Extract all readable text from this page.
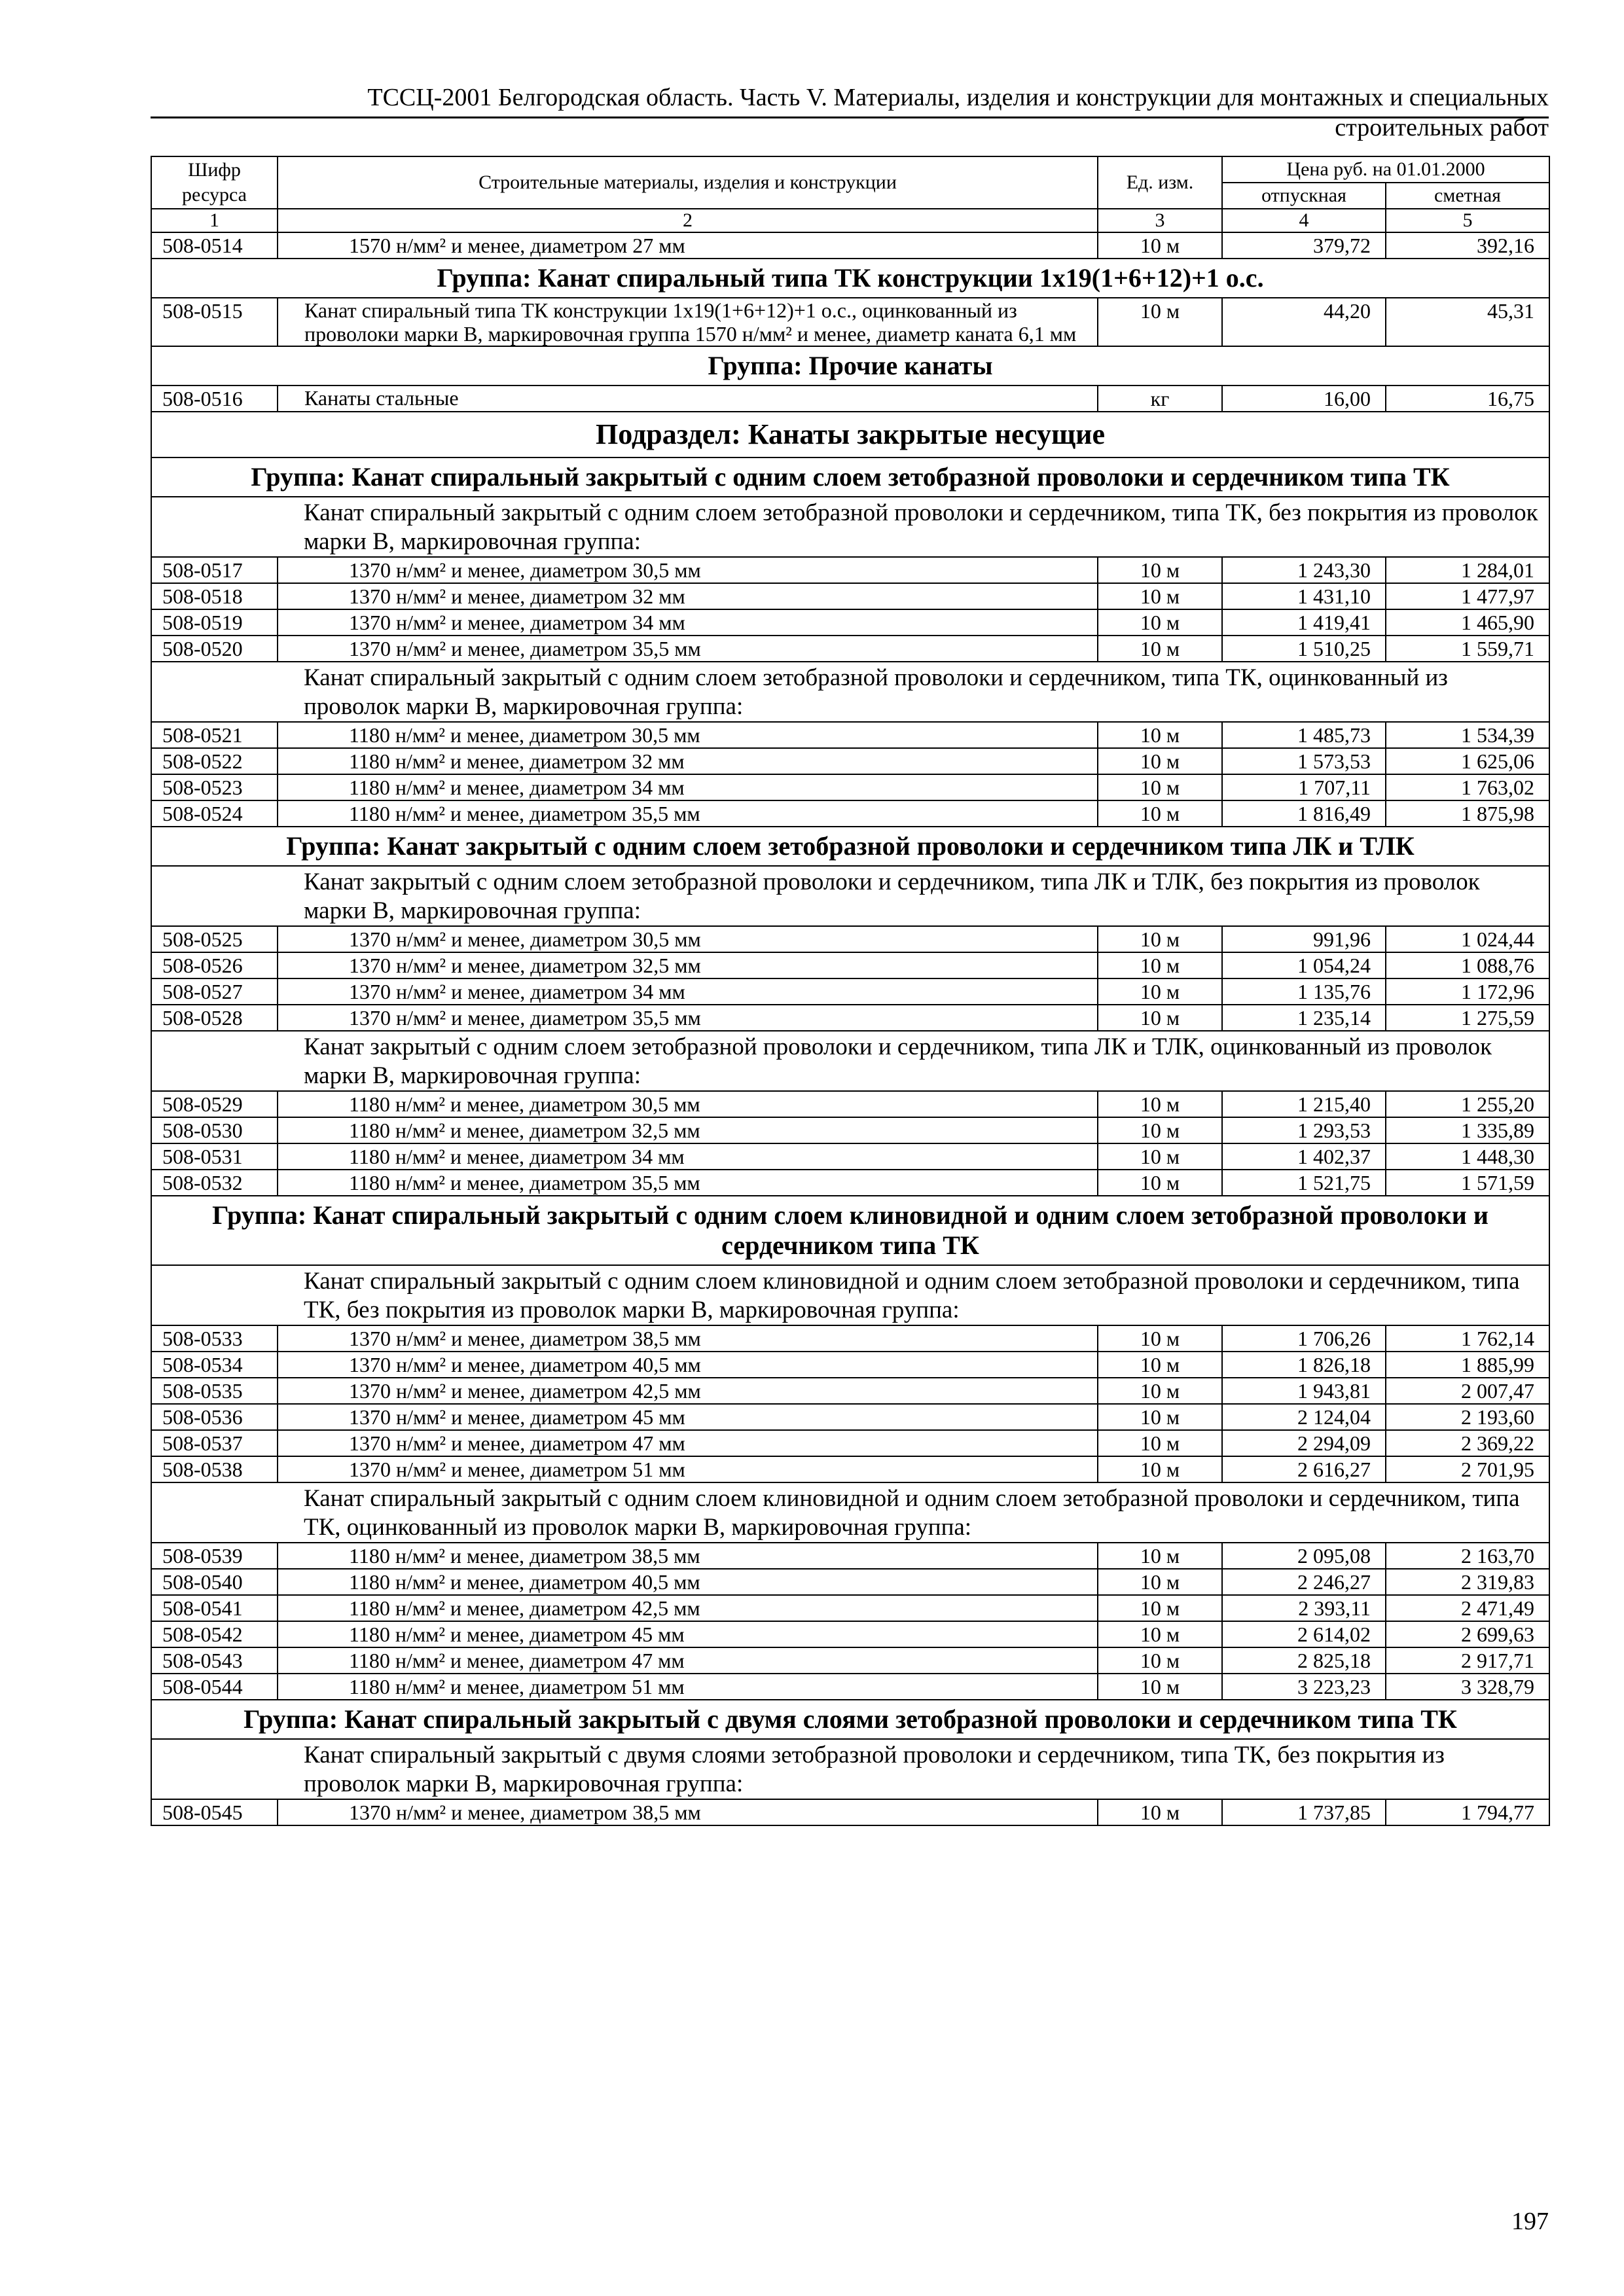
ТССЦ-2001 Белгородская область. Часть V. Материалы, изделия и конструкции для монтажных и специальных
строительных работ
Шифр ресурса	Строительные материалы, изделия и конструкции	Ед. изм.	Цена руб. на 01.01.2000	
			отпускная	сметная
1	2	3	4	5
508-0514	1570 н/мм² и менее, диаметром 27 мм	10 м	379,72	392,16
Группа: Канат спиральный типа ТК конструкции 1х19(1+6+12)+1 о.с.				
508-0515	Канат спиральный типа ТК конструкции 1х19(1+6+12)+1 о.с., оцинкованный из проволоки марки В, маркировочная группа 1570 н/мм² и менее, диаметр каната 6,1 мм	10 м	44,20	45,31
Группа: Прочие канаты				
508-0516	Канаты стальные	кг	16,00	16,75
Подраздел: Канаты закрытые несущие				
Группа: Канат спиральный закрытый с одним слоем зетобразной проволоки и сердечником типа ТК				
Канат спиральный закрытый с одним слоем зетобразной проволоки и сердечником, типа ТК, без покрытия из проволок марки В, маркировочная группа:				
508-0517	1370 н/мм² и менее, диаметром 30,5 мм	10 м	1 243,30	1 284,01
508-0518	1370 н/мм² и менее, диаметром 32 мм	10 м	1 431,10	1 477,97
508-0519	1370 н/мм² и менее, диаметром 34 мм	10 м	1 419,41	1 465,90
508-0520	1370 н/мм² и менее, диаметром 35,5 мм	10 м	1 510,25	1 559,71
Канат спиральный закрытый с одним слоем зетобразной проволоки и сердечником, типа ТК, оцинкованный из проволок марки В, маркировочная группа:				
508-0521	1180 н/мм² и менее, диаметром 30,5 мм	10 м	1 485,73	1 534,39
508-0522	1180 н/мм² и менее, диаметром 32 мм	10 м	1 573,53	1 625,06
508-0523	1180 н/мм² и менее, диаметром 34 мм	10 м	1 707,11	1 763,02
508-0524	1180 н/мм² и менее, диаметром 35,5 мм	10 м	1 816,49	1 875,98
Группа: Канат закрытый с одним слоем зетобразной проволоки и сердечником типа ЛК и ТЛК				
Канат закрытый с одним слоем зетобразной проволоки и сердечником, типа ЛК и ТЛК, без покрытия из проволок марки В, маркировочная группа:				
508-0525	1370 н/мм² и менее, диаметром 30,5 мм	10 м	991,96	1 024,44
508-0526	1370 н/мм² и менее, диаметром 32,5 мм	10 м	1 054,24	1 088,76
508-0527	1370 н/мм² и менее, диаметром 34 мм	10 м	1 135,76	1 172,96
508-0528	1370 н/мм² и менее, диаметром 35,5 мм	10 м	1 235,14	1 275,59
Канат закрытый с одним слоем зетобразной проволоки и сердечником, типа ЛК и ТЛК, оцинкованный из проволок марки В, маркировочная группа:				
508-0529	1180 н/мм² и менее, диаметром 30,5 мм	10 м	1 215,40	1 255,20
508-0530	1180 н/мм² и менее, диаметром 32,5 мм	10 м	1 293,53	1 335,89
508-0531	1180 н/мм² и менее, диаметром 34 мм	10 м	1 402,37	1 448,30
508-0532	1180 н/мм² и менее, диаметром 35,5 мм	10 м	1 521,75	1 571,59
Группа: Канат спиральный закрытый с одним слоем клиновидной и одним слоем зетобразной проволоки и сердечником типа ТК				
Канат спиральный закрытый с одним слоем клиновидной и одним слоем зетобразной проволоки и сердечником, типа ТК, без покрытия из проволок марки В, маркировочная группа:				
508-0533	1370 н/мм² и менее, диаметром 38,5 мм	10 м	1 706,26	1 762,14
508-0534	1370 н/мм² и менее, диаметром 40,5 мм	10 м	1 826,18	1 885,99
508-0535	1370 н/мм² и менее, диаметром 42,5 мм	10 м	1 943,81	2 007,47
508-0536	1370 н/мм² и менее, диаметром 45 мм	10 м	2 124,04	2 193,60
508-0537	1370 н/мм² и менее, диаметром 47 мм	10 м	2 294,09	2 369,22
508-0538	1370 н/мм² и менее, диаметром 51 мм	10 м	2 616,27	2 701,95
Канат спиральный закрытый с одним слоем клиновидной и одним слоем зетобразной проволоки и сердечником, типа ТК, оцинкованный из проволок марки В, маркировочная группа:				
508-0539	1180 н/мм² и менее, диаметром 38,5 мм	10 м	2 095,08	2 163,70
508-0540	1180 н/мм² и менее, диаметром 40,5 мм	10 м	2 246,27	2 319,83
508-0541	1180 н/мм² и менее, диаметром 42,5 мм	10 м	2 393,11	2 471,49
508-0542	1180 н/мм² и менее, диаметром 45 мм	10 м	2 614,02	2 699,63
508-0543	1180 н/мм² и менее, диаметром 47 мм	10 м	2 825,18	2 917,71
508-0544	1180 н/мм² и менее, диаметром 51 мм	10 м	3 223,23	3 328,79
Группа: Канат спиральный закрытый с двумя слоями зетобразной проволоки и сердечником типа ТК				
Канат спиральный закрытый с двумя слоями зетобразной проволоки и сердечником, типа ТК, без покрытия из проволок марки В, маркировочная группа:				
508-0545	1370 н/мм² и менее, диаметром 38,5 мм	10 м	1 737,85	1 794,77
197
